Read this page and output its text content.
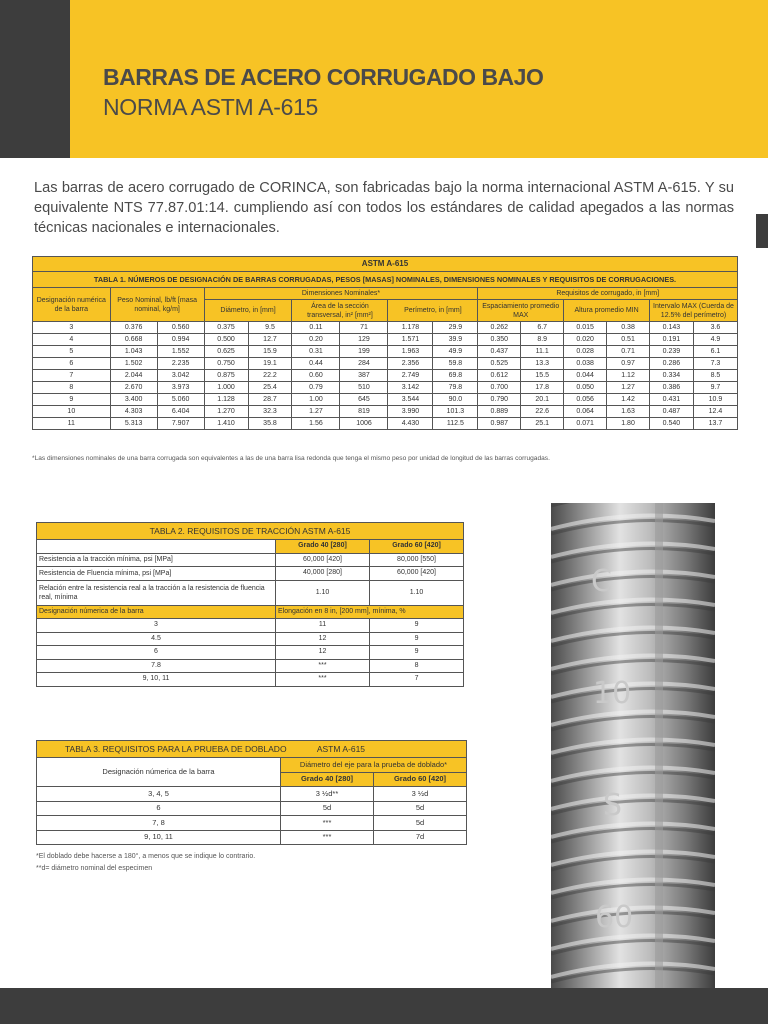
BARRAS DE ACERO CORRUGADO BAJO
NORMA ASTM A-615

Las barras de acero corrugado de CORINCA, son fabricadas bajo la norma internacional ASTM A-615. Y su equivalente NTS 77.87.01:14. cumpliendo así con todos los estándares de calidad apegados a las normas técnicas nacionales e internacionales.

ASTM A-615														
TABLA 1. NÚMEROS DE DESIGNACIÓN DE BARRAS CORRUGADAS, PESOS [MASAS] NOMINALES, DIMENSIONES NOMINALES Y REQUISITOS DE CORRUGACIONES.														
Designación numérica de la barra	Peso Nominal, lb/ft [masa nominal, kg/m]		Dimensiones Nominales*						Requisitos de corrugado, in [mm]					
			Diámetro, in [mm]		Área de la sección transversal, in² [mm²]		Perímetro, in [mm]		Espaciamiento promedio MAX		Altura promedio MIN		Intervalo MAX (Cuerda de 12.5% del perímetro)	
3	0.376	0.560	0.375	9.5	0.11	71	1.178	29.9	0.262	6.7	0.015	0.38	0.143	3.6
4	0.668	0.994	0.500	12.7	0.20	129	1.571	39.9	0.350	8.9	0.020	0.51	0.191	4.9
5	1.043	1.552	0.625	15.9	0.31	199	1.963	49.9	0.437	11.1	0.028	0.71	0.239	6.1
6	1.502	2.235	0.750	19.1	0.44	284	2.356	59.8	0.525	13.3	0.038	0.97	0.286	7.3
7	2.044	3.042	0.875	22.2	0.60	387	2.749	69.8	0.612	15.5	0.044	1.12	0.334	8.5
8	2.670	3.973	1.000	25.4	0.79	510	3.142	79.8	0.700	17.8	0.050	1.27	0.386	9.7
9	3.400	5.060	1.128	28.7	1.00	645	3.544	90.0	0.790	20.1	0.056	1.42	0.431	10.9
10	4.303	6.404	1.270	32.3	1.27	819	3.990	101.3	0.889	22.6	0.064	1.63	0.487	12.4
11	5.313	7.907	1.410	35.8	1.56	1006	4.430	112.5	0.987	25.1	0.071	1.80	0.540	13.7
*Las dimensiones nominales de una barra corrugada son equivalentes a las de una barra lisa redonda que tenga el mismo peso por unidad de longitud de las barras corrugadas.
TABLA 2. REQUISITOS DE TRACCIÓN ASTM A-615		
	Grado 40 [280]	Grado 60 [420]
Resistencia a la tracción mínima, psi [MPa]	60,000 [420]	80,000 [550]
Resistencia de Fluencia mínima, psi [MPa]	40,000 [280]	60,000 [420]
Relación entre la resistencia real a la tracción a la resistencia de fluencia real, mínima	1.10	1.10
Designación númerica de la barra	Elongación en 8 in, [200 mm], mínima, %	
3	11	9
4.5	12	9
6	12	9
7.8	***	8
9, 10, 11	***	7
TABLA 3. REQUISITOS PARA LA PRUEBA DE DOBLADO ASTM A-615		
Designación númerica de la barra	Diámetro del eje para la prueba de doblado*	
	Grado 40 [280]	Grado 60 [420]
3, 4, 5	3 ½d**	3 ½d
6	5d	5d
7, 8	***	5d
9, 10, 11	***	7d
*El doblado debe hacerse a 180°, a menos que se indique lo contrario.
**d= diámetro nominal del especimen
C
10
S
60
